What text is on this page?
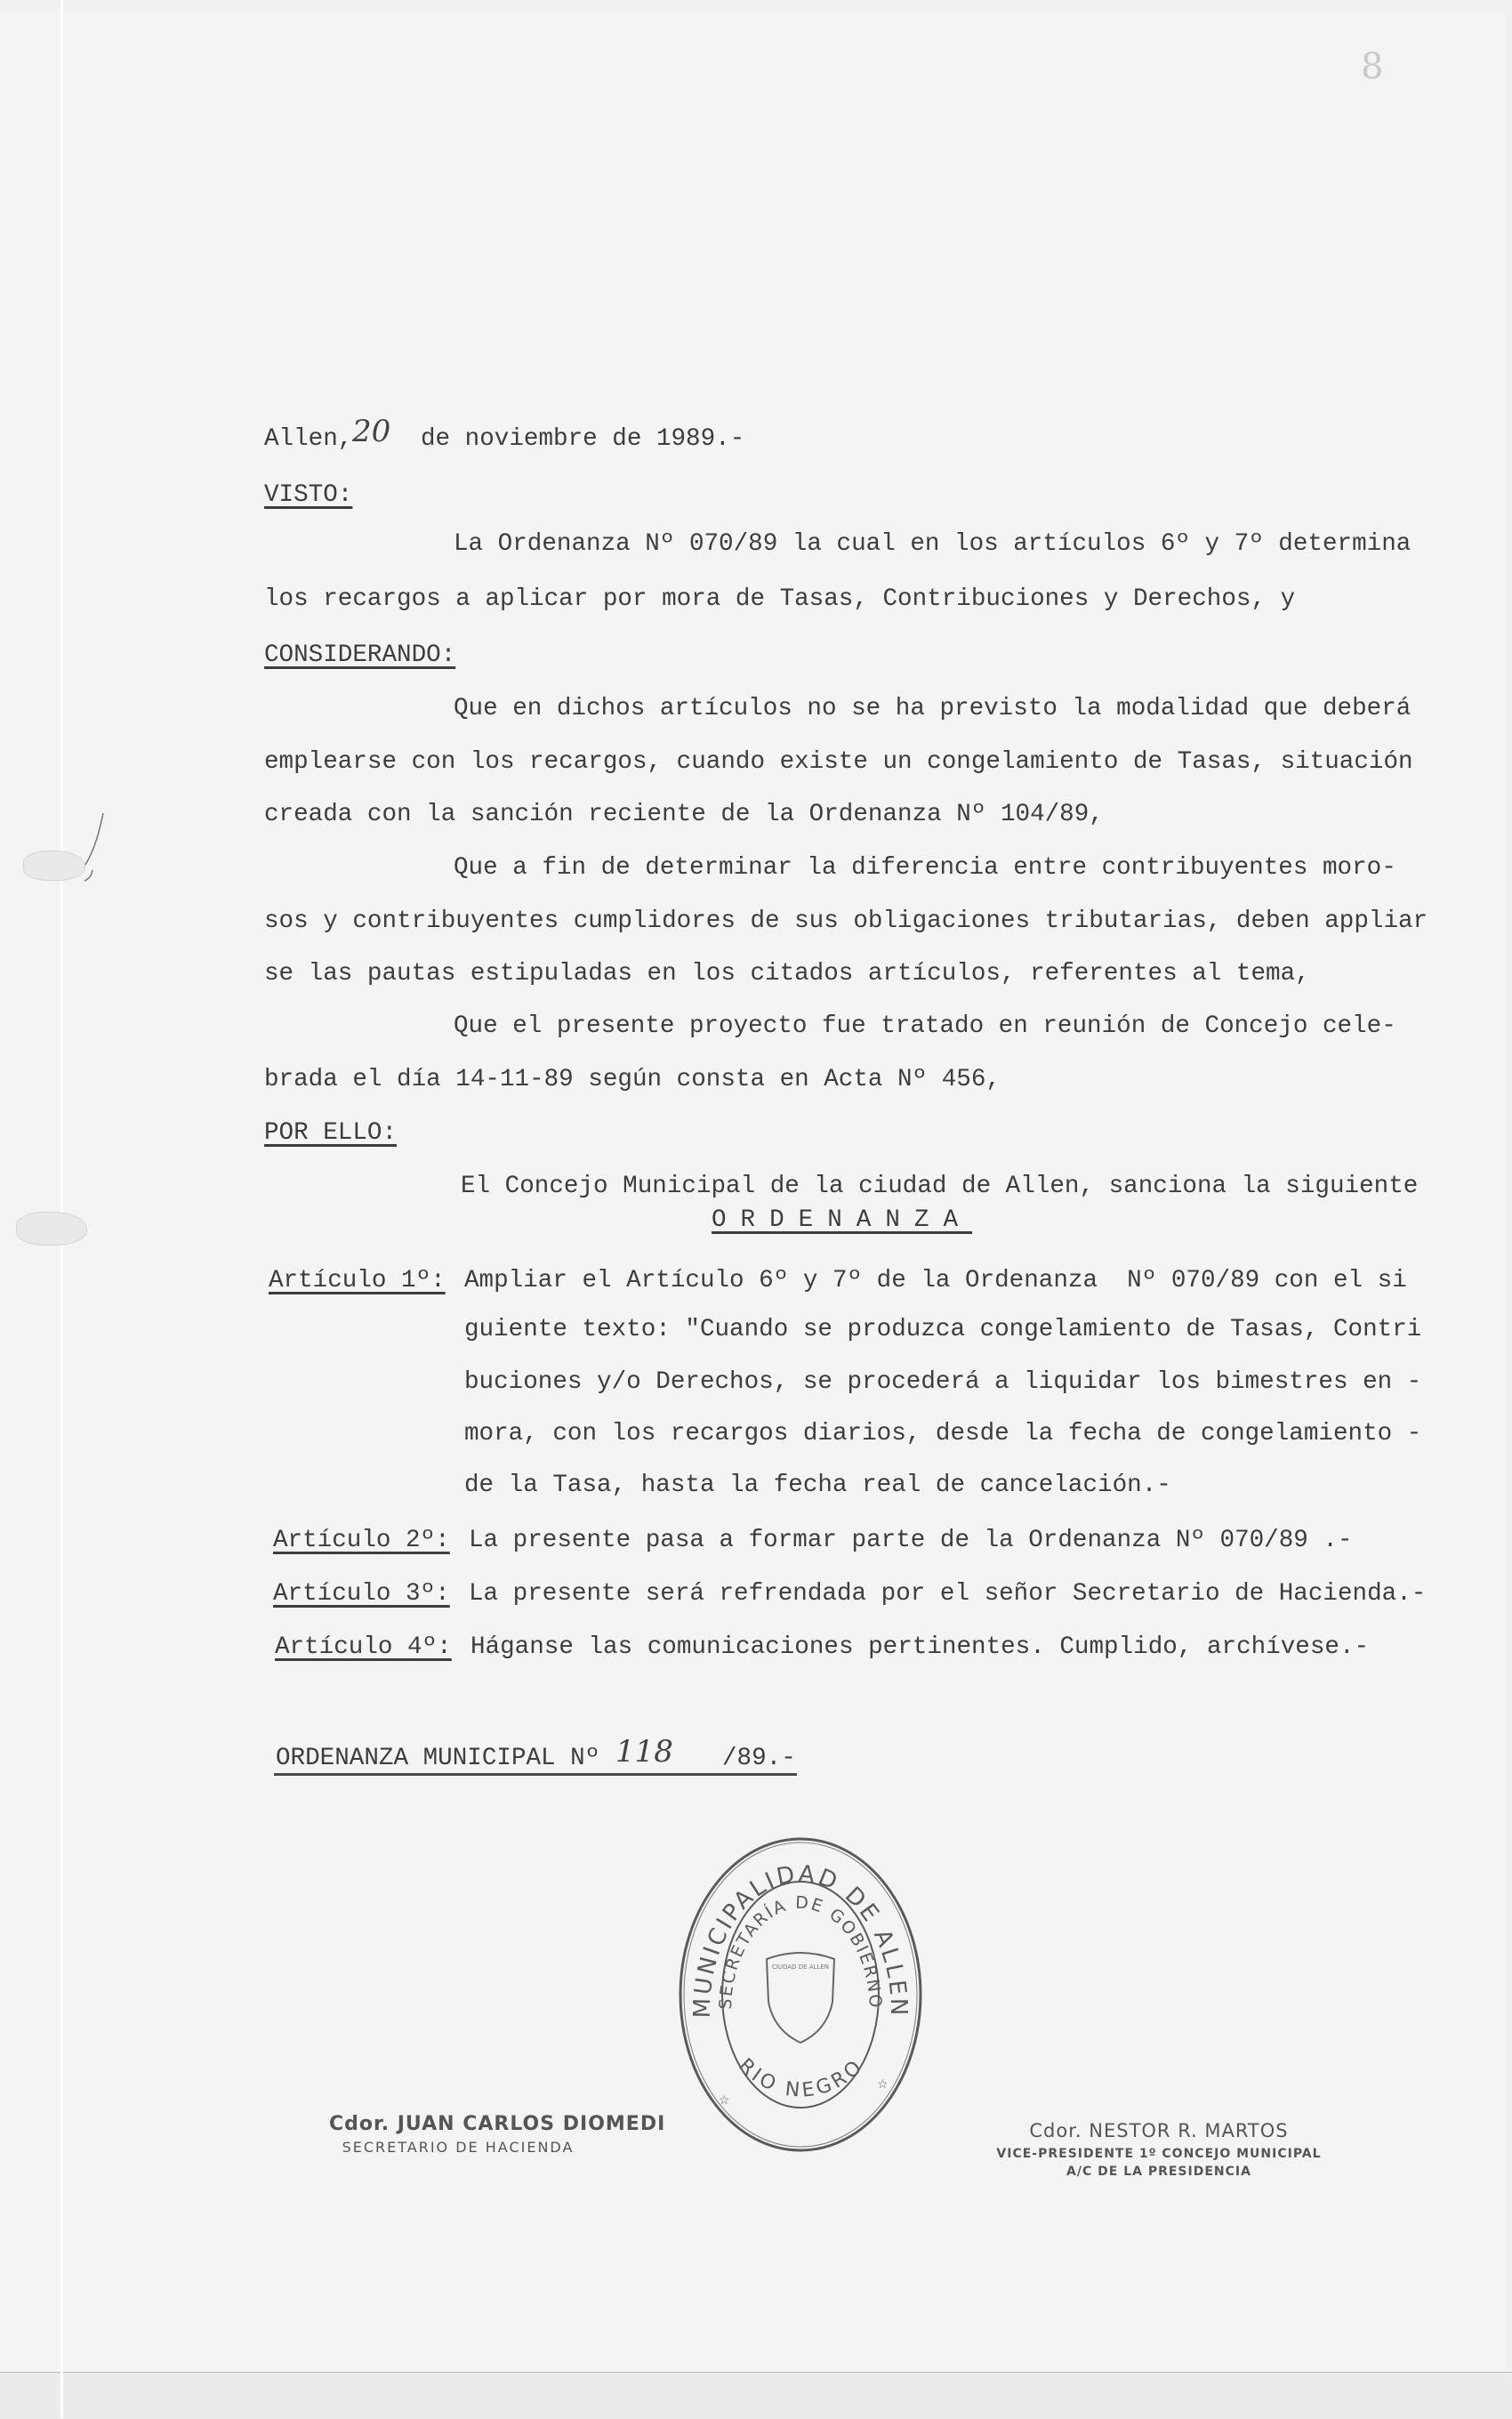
8
Allen, 20 de noviembre de 1989.-
VISTO:
La Ordenanza Nº 070/89 la cual en los artículos 6º y 7º determina
los recargos a aplicar por mora de Tasas, Contribuciones y Derechos, y
CONSIDERANDO:
Que en dichos artículos no se ha previsto la modalidad que deberá
emplearse con los recargos, cuando existe un congelamiento de Tasas, situación
creada con la sanción reciente de la Ordenanza Nº 104/89,
Que a fin de determinar la diferencia entre contribuyentes moro-
sos y contribuyentes cumplidores de sus obligaciones tributarias, deben appliar
se las pautas estipuladas en los citados artículos, referentes al tema,
Que el presente proyecto fue tratado en reunión de Concejo cele-
brada el día 14-11-89 según consta en Acta Nº 456,
POR ELLO:
El Concejo Municipal de la ciudad de Allen, sanciona la siguiente
ORDENANZA
Artículo 1º: Ampliar el Artículo 6º y 7º de la Ordenanza  Nº 070/89 con el si
guiente texto: "Cuando se produzca congelamiento de Tasas, Contri
buciones y/o Derechos, se procederá a liquidar los bimestres en -
mora, con los recargos diarios, desde la fecha de congelamiento -
de la Tasa, hasta la fecha real de cancelación.-
Artículo 2º: La presente pasa a formar parte de la Ordenanza Nº 070/89 .-
Artículo 3º: La presente será refrendada por el señor Secretario de Hacienda.-
Artículo 4º: Háganse las comunicaciones pertinentes. Cumplido, archívese.-
ORDENANZA MUNICIPAL Nº 118 /89.-
MUNICIPALIDAD DE ALLEN
SECRETARÍA DE GOBIERNO
RIO NEGRO
☆
☆
CIUDAD DE ALLEN
Cdor. JUAN CARLOS DIOMEDI
SECRETARIO DE HACIENDA
Cdor. NESTOR R. MARTOS
VICE-PRESIDENTE 1º CONCEJO MUNICIPAL
A/C DE LA PRESIDENCIA
